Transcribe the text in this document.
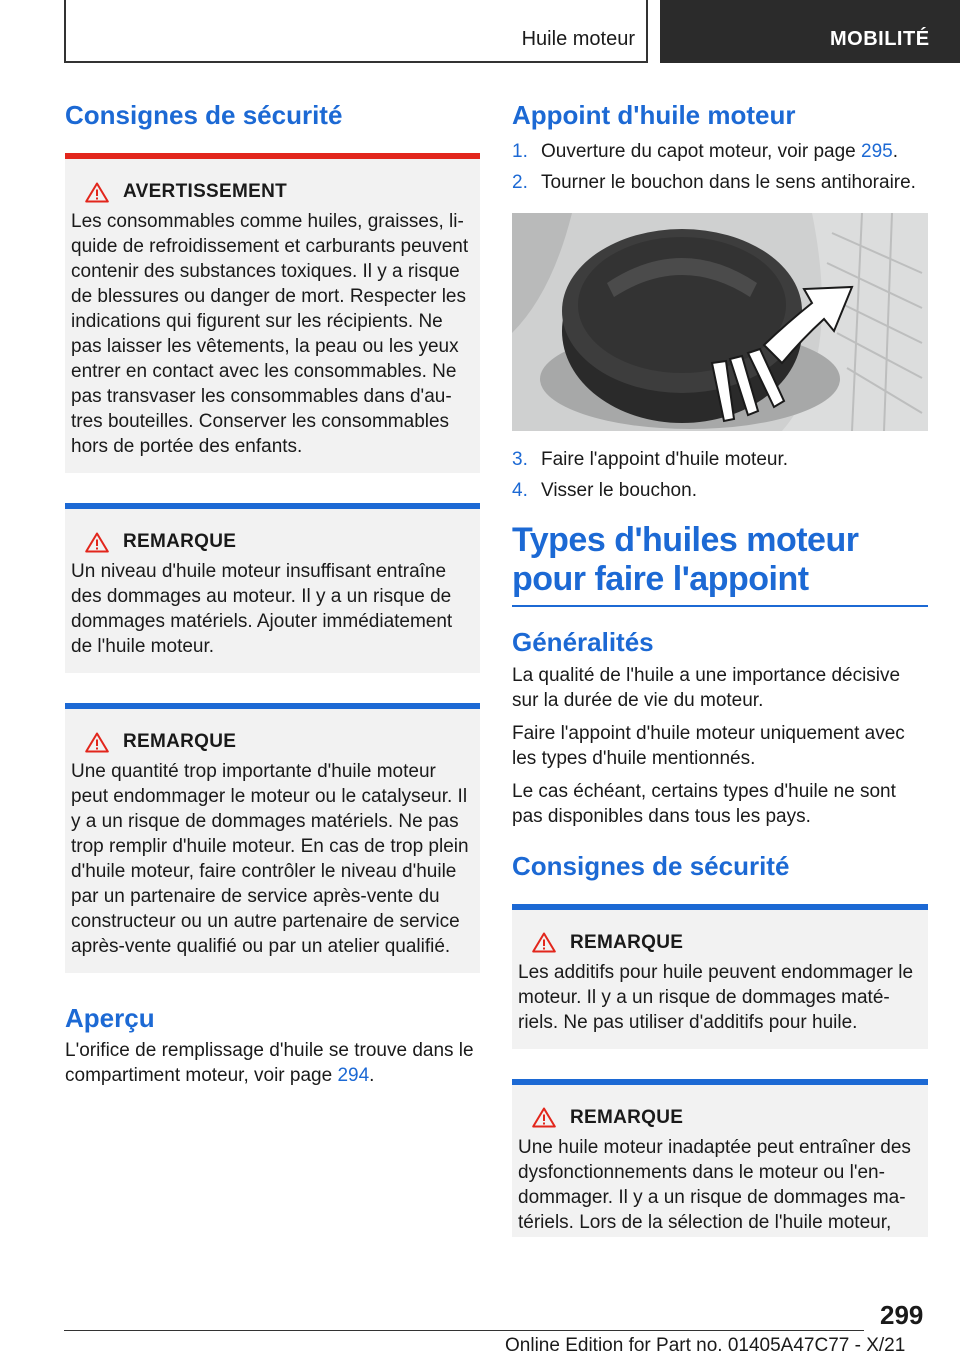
Huile moteur	MOBILITÉ
Consignes de sécurité
AVERTISSEMENT

Les consommables comme huiles, graisses, liquide de refroidissement et carburants peuvent contenir des substances toxiques. Il y a risque de blessures ou danger de mort. Respecter les indications qui figurent sur les récipients. Ne pas laisser les vêtements, la peau ou les yeux entrer en contact avec les consommables. Ne pas transvaser les consommables dans d'autres bouteilles. Conserver les consommables hors de portée des enfants.

REMARQUE

Un niveau d'huile moteur insuffisant entraîne des dommages au moteur. Il y a un risque de dommages matériels. Ajouter immédiatement de l'huile moteur.

REMARQUE

Une quantité trop importante d'huile moteur peut endommager le moteur ou le catalyseur. Il y a un risque de dommages matériels. Ne pas trop remplir d'huile moteur. En cas de trop plein d'huile moteur, faire contrôler le niveau d'huile par un partenaire de service après-vente du constructeur ou un autre partenaire de service après-vente qualifié ou par un atelier qualifié.

Aperçu

L'orifice de remplissage d'huile se trouve dans le compartiment moteur, voir page 294.

Appoint d'huile moteur
1. Ouverture du capot moteur, voir page 295.
2. Tourner le bouchon dans le sens antihoraire.
3. Faire l'appoint d'huile moteur.
4. Visser le bouchon.
Types d'huiles moteur pour faire l'appoint
Généralités

La qualité de l'huile a une importance décisive sur la durée de vie du moteur.

Faire l'appoint d'huile moteur uniquement avec les types d'huile mentionnés.

Le cas échéant, certains types d'huile ne sont pas disponibles dans tous les pays.

Consignes de sécurité
REMARQUE

Les additifs pour huile peuvent endommager le moteur. Il y a un risque de dommages matériels. Ne pas utiliser d'additifs pour huile.

REMARQUE

Une huile moteur inadaptée peut entraîner des dysfonctionnements dans le moteur ou l'endommager. Il y a un risque de dommages matériels. Lors de la sélection de l'huile moteur,

299
Online Edition for Part no. 01405A47C77 - X/21
